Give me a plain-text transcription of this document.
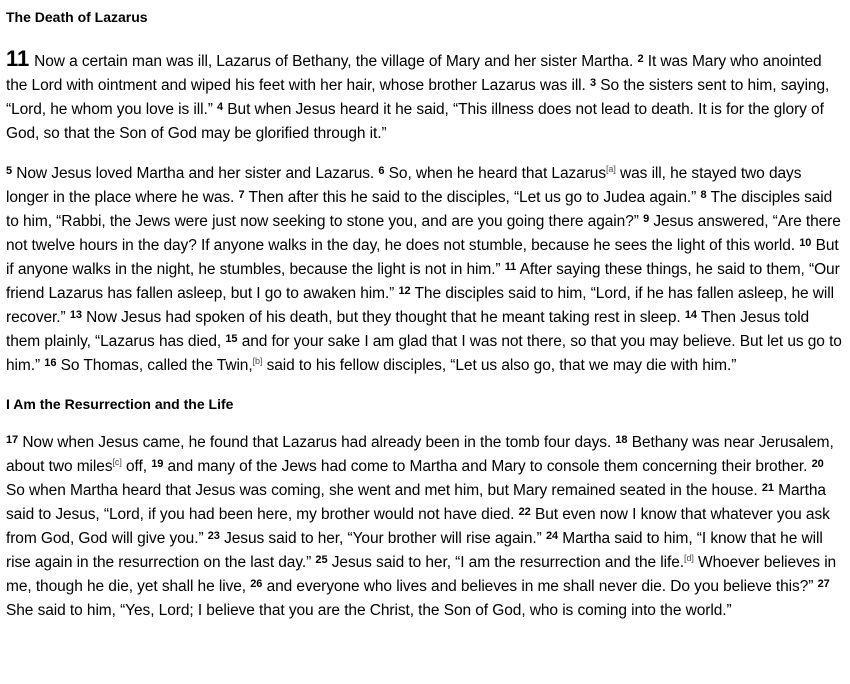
The Death of Lazarus

11 Now a certain man was ill, Lazarus of Bethany, the village of Mary and her sister Martha. $^2$ It was Mary who anointed the Lord with ointment and wiped his feet with her hair, whose brother Lazarus was ill. $^3$ So the sisters sent to him, saying, “Lord, he whom you love is ill.” $^4$ But when Jesus heard it he said, “This illness does not lead to death. It is for the glory of God, so that the Son of God may be glorified through it.”

$^5$ Now Jesus loved Martha and her sister and Lazarus. $^6$ So, when he heard that Lazarus[a] was ill, he stayed two days longer in the place where he was. $^7$ Then after this he said to the disciples, “Let us go to Judea again.” $^8$ The disciples said to him, “Rabbi, the Jews were just now seeking to stone you, and are you going there again?” $^9$ Jesus answered, “Are there not twelve hours in the day? If anyone walks in the day, he does not stumble, because he sees the light of this world. $^{10}$ But if anyone walks in the night, he stumbles, because the light is not in him.” $^{11}$ After saying these things, he said to them, “Our friend Lazarus has fallen asleep, but I go to awaken him.” $^{12}$ The disciples said to him, “Lord, if he has fallen asleep, he will recover.” $^{13}$ Now Jesus had spoken of his death, but they thought that he meant taking rest in sleep. $^{14}$ Then Jesus told them plainly, “Lazarus has died, $^{15}$ and for your sake I am glad that I was not there, so that you may believe. But let us go to him.” $^{16}$ So Thomas, called the Twin,[b] said to his fellow disciples, “Let us also go, that we may die with him.”

I Am the Resurrection and the Life

$^{17}$ Now when Jesus came, he found that Lazarus had already been in the tomb four days. $^{18}$ Bethany was near Jerusalem, about two miles[c] off, $^{19}$ and many of the Jews had come to Martha and Mary to console them concerning their brother. $^{20}$ So when Martha heard that Jesus was coming, she went and met him, but Mary remained seated in the house. $^{21}$ Martha said to Jesus, “Lord, if you had been here, my brother would not have died. $^{22}$ But even now I know that whatever you ask from God, God will give you.” $^{23}$ Jesus said to her, “Your brother will rise again.” $^{24}$ Martha said to him, “I know that he will rise again in the resurrection on the last day.” $^{25}$ Jesus said to her, “I am the resurrection and the life.[d] Whoever believes in me, though he die, yet shall he live, $^{26}$ and everyone who lives and believes in me shall never die. Do you believe this?” $^{27}$ She said to him, “Yes, Lord; I believe that you are the Christ, the Son of God, who is coming into the world.”
